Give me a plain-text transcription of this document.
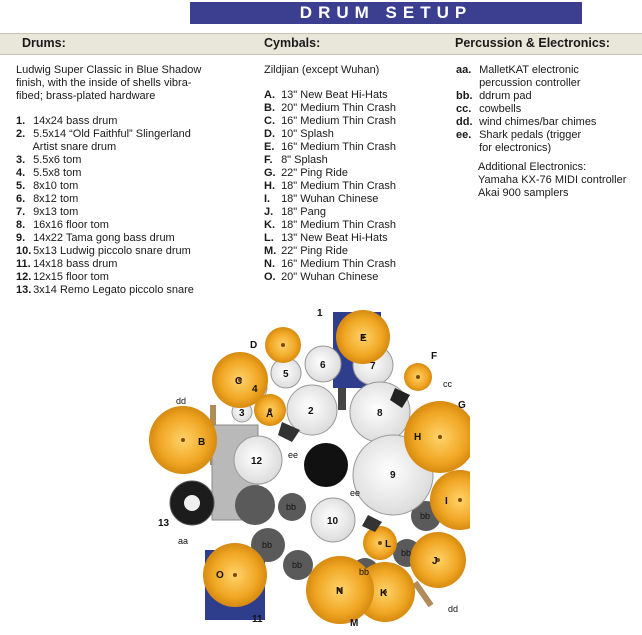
DRUM SETUP
Drums:	Cymbals:	Percussion & Electronics:

Ludwig Super Classic in Blue Shadow

finish, with the inside of shells vibra-

fibed; brass-plated hardware

1. 14x24 bass drum
2. 5.5x14 “Old Faithful” Slingerland
Artist snare drum
3. 5.5x6 tom
4. 5.5x8 tom
5. 8x10 tom
6. 8x12 tom
7. 9x13 tom
8. 16x16 floor tom
9. 14x22 Tama gong bass drum
10. 5x13 Ludwig piccolo snare drum
11. 14x18 bass drum
12. 12x15 floor tom
13. 3x14 Remo Legato piccolo snare

Zildjian (except Wuhan)

A. 13" New Beat Hi-Hats
B. 20" Medium Thin Crash
C. 16" Medium Thin Crash
D. 10" Splash
E. 16" Medium Thin Crash
F. 8" Splash
G. 22" Ping Ride
H. 18" Medium Thin Crash
I. 18" Wuhan Chinese
J. 18" Pang
K. 18" Medium Thin Crash
L. 13" New Beat Hi-Hats
M. 22" Ping Ride
N. 16" Medium Thin Crash
O. 20" Wuhan Chinese
aa. MalletKAT electronic
percussion controller
bb. ddrum pad
cc. cowbells
dd. wind chimes/bar chimes
ee. Shark pedals (trigger
for electronics)

Additional Electronics:

Yamaha KX-76 MIDI controller

Akai 900 samplers

1
2
3
4
5
6	7
8
9
10
11
12
13
A
B
C
D
E
F
G
H
I
J
K
L
M
N
O
aa
bb
cc
dd
dd
ee
ee
bb
bb
bb
bb
bb
